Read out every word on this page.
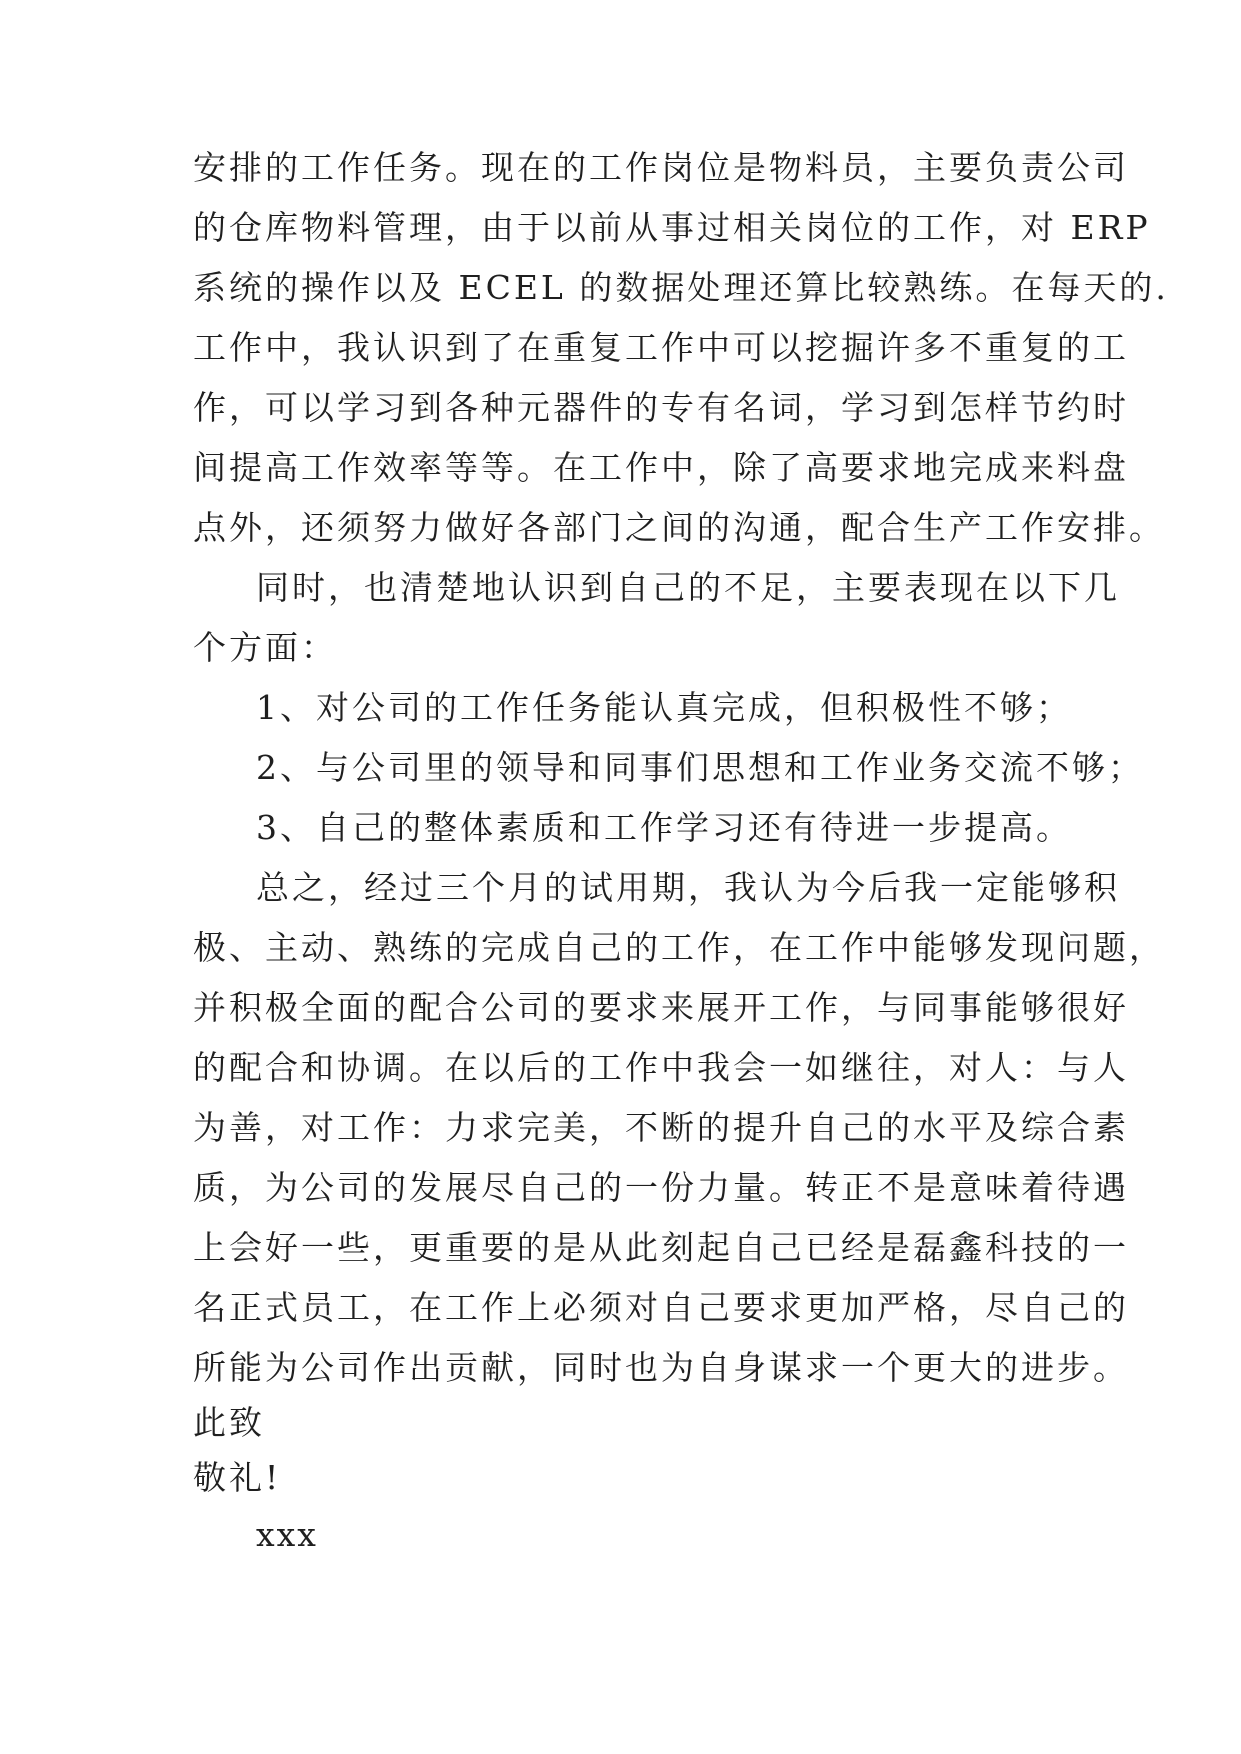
安排的工作任务。现在的工作岗位是物料员，主要负责公司
的仓库物料管理，由于以前从事过相关岗位的工作，对 ERP
系统的操作以及 ECEL 的数据处理还算比较熟练。在每天的.
工作中，我认识到了在重复工作中可以挖掘许多不重复的工
作，可以学习到各种元器件的专有名词，学习到怎样节约时
间提高工作效率等等。在工作中，除了高要求地完成来料盘
点外，还须努力做好各部门之间的沟通，配合生产工作安排。
同时，也清楚地认识到自己的不足，主要表现在以下几
个方面：
1、对公司的工作任务能认真完成，但积极性不够；
2、与公司里的领导和同事们思想和工作业务交流不够；
3、自己的整体素质和工作学习还有待进一步提高。
总之，经过三个月的试用期，我认为今后我一定能够积
极、主动、熟练的完成自己的工作，在工作中能够发现问题，
并积极全面的配合公司的要求来展开工作，与同事能够很好
的配合和协调。在以后的工作中我会一如继往，对人：与人
为善，对工作：力求完美，不断的提升自己的水平及综合素
质，为公司的发展尽自己的一份力量。转正不是意味着待遇
上会好一些，更重要的是从此刻起自己已经是磊鑫科技的一
名正式员工，在工作上必须对自己要求更加严格，尽自己的
所能为公司作出贡献，同时也为自身谋求一个更大的进步。
此致
敬礼!
xxx
